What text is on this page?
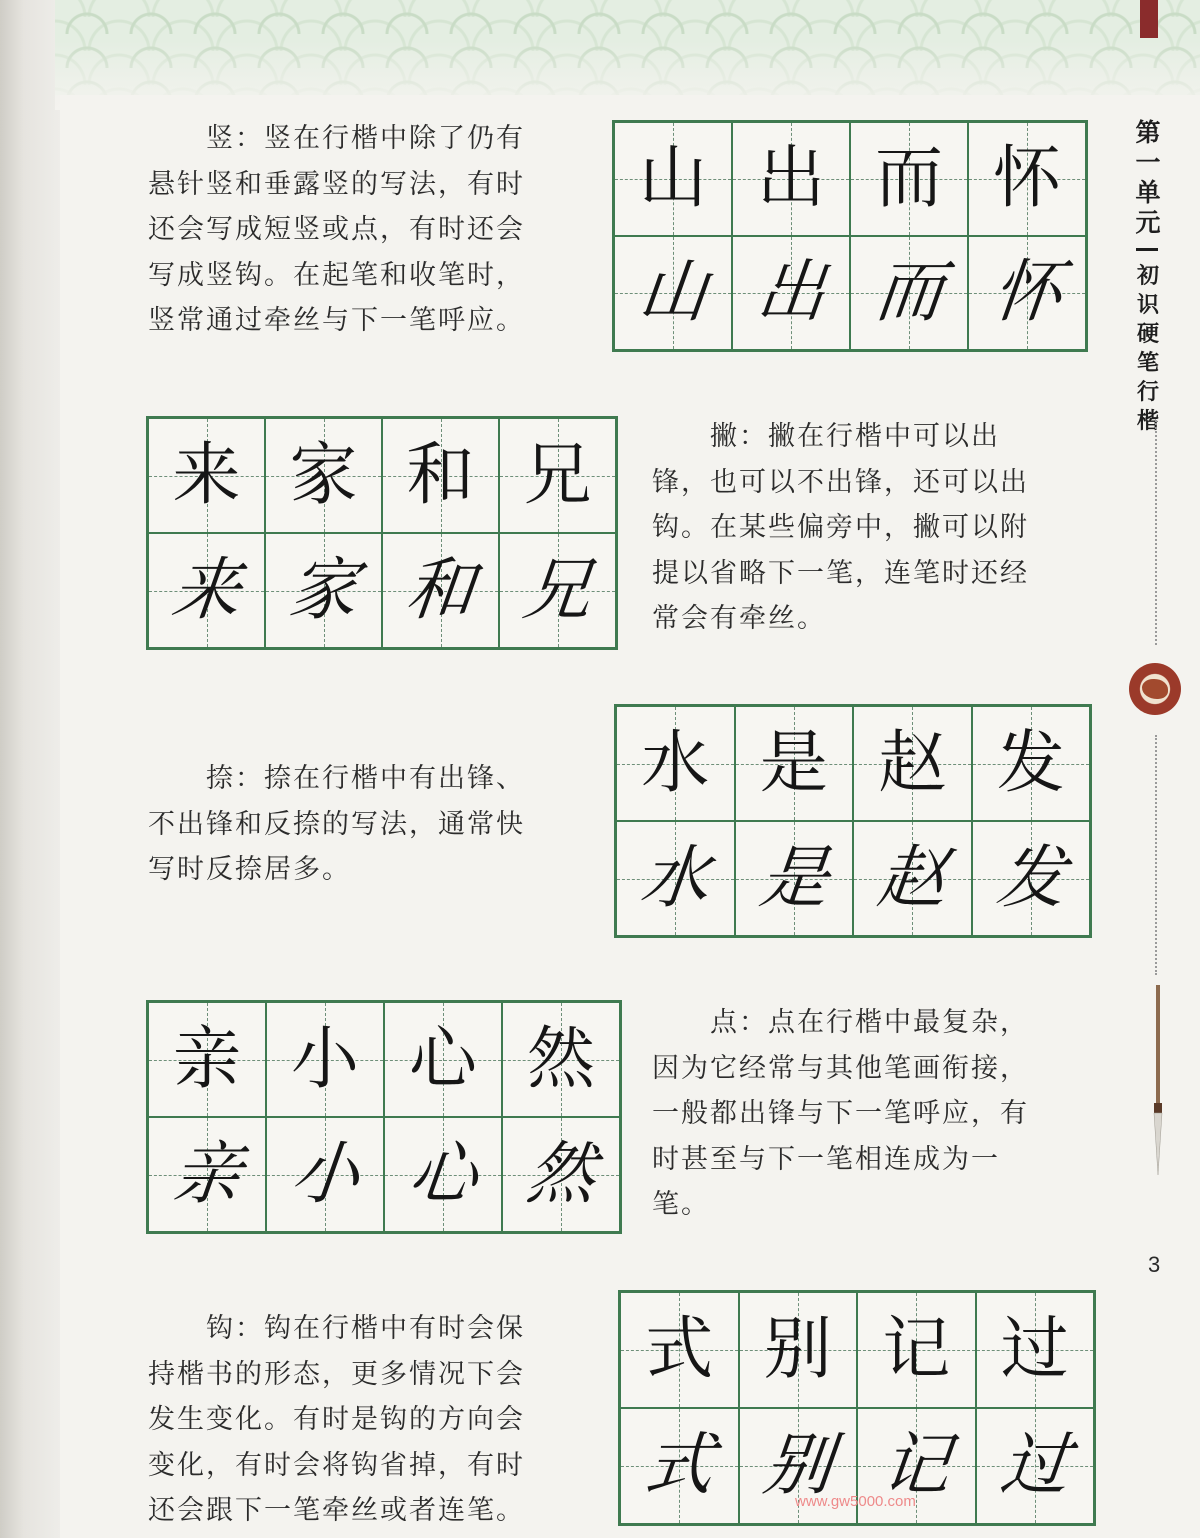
　　竖：竖在行楷中除了仍有
悬针竖和垂露竖的写法，有时
还会写成短竖或点，有时还会
写成竖钩。在起笔和收笔时，
竖常通过牵丝与下一笔呼应。
山 出 而 怀
山 出 而 怀
来 家 和 兄
来 家 和 兄
　　撇：撇在行楷中可以出
锋，也可以不出锋，还可以出
钩。在某些偏旁中，撇可以附
提以省略下一笔，连笔时还经
常会有牵丝。
　　捺：捺在行楷中有出锋、
不出锋和反捺的写法，通常快
写时反捺居多。
水 是 赵 发
水 是 赵 发
亲 小 心 然
亲 小 心 然
　　点：点在行楷中最复杂，
因为它经常与其他笔画衔接，
一般都出锋与下一笔呼应，有
时甚至与下一笔相连成为一
笔。
　　钩：钩在行楷中有时会保
持楷书的形态，更多情况下会
发生变化。有时是钩的方向会
变化，有时会将钩省掉，有时
还会跟下一笔牵丝或者连笔。
式 别 记 过
式 别 记 过
第一单元
初识硬笔行楷
3
www.gw5000.com
